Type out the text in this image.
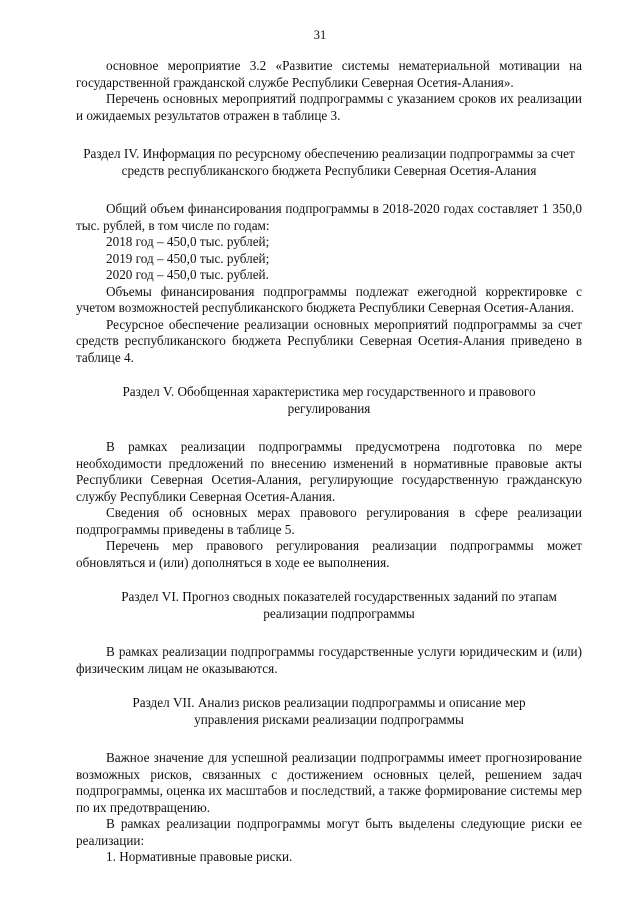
31

основное мероприятие 3.2 «Развитие системы нематериальной мотивации на государственной гражданской службе Республики Северная Осетия-Алания».

Перечень основных мероприятий подпрограммы с указанием сроков их реализации и ожидаемых результатов отражен в таблице 3.

Раздел IV. Информация по ресурсному обеспечению реализации подпрограммы за счет средств республиканского бюджета Республики Северная Осетия-Алания

Общий объем финансирования подпрограммы в 2018-2020 годах составляет 1 350,0 тыс. рублей, в том числе по годам:

2018 год – 450,0 тыс. рублей;

2019 год – 450,0 тыс. рублей;

2020 год – 450,0 тыс. рублей.

Объемы финансирования подпрограммы подлежат ежегодной корректировке с учетом возможностей республиканского бюджета Республики Северная Осетия-Алания.

Ресурсное обеспечение реализации основных мероприятий подпрограммы за счет средств республиканского бюджета Республики Северная Осетия-Алания приведено в таблице 4.

Раздел V. Обобщенная характеристика мер государственного и правового регулирования

В рамках реализации подпрограммы предусмотрена подготовка по мере необходимости предложений по внесению изменений в нормативные правовые акты Республики Северная Осетия-Алания, регулирующие государственную гражданскую службу Республики Северная Осетия-Алания.

Сведения об основных мерах правового регулирования в сфере реализации подпрограммы приведены в таблице 5.

Перечень мер правового регулирования реализации подпрограммы может обновляться и (или) дополняться в ходе ее выполнения.

Раздел VI. Прогноз сводных показателей государственных заданий по этапам реализации подпрограммы

В рамках реализации подпрограммы государственные услуги юридическим и (или) физическим лицам не оказываются.

Раздел VII. Анализ рисков реализации подпрограммы и описание мер управления рисками реализации подпрограммы

Важное значение для успешной реализации подпрограммы имеет прогнозирование возможных рисков, связанных с достижением основных целей, решением задач подпрограммы, оценка их масштабов и последствий, а также формирование системы мер по их предотвращению.

В рамках реализации подпрограммы могут быть выделены следующие риски ее реализации:

1. Нормативные правовые риски.
